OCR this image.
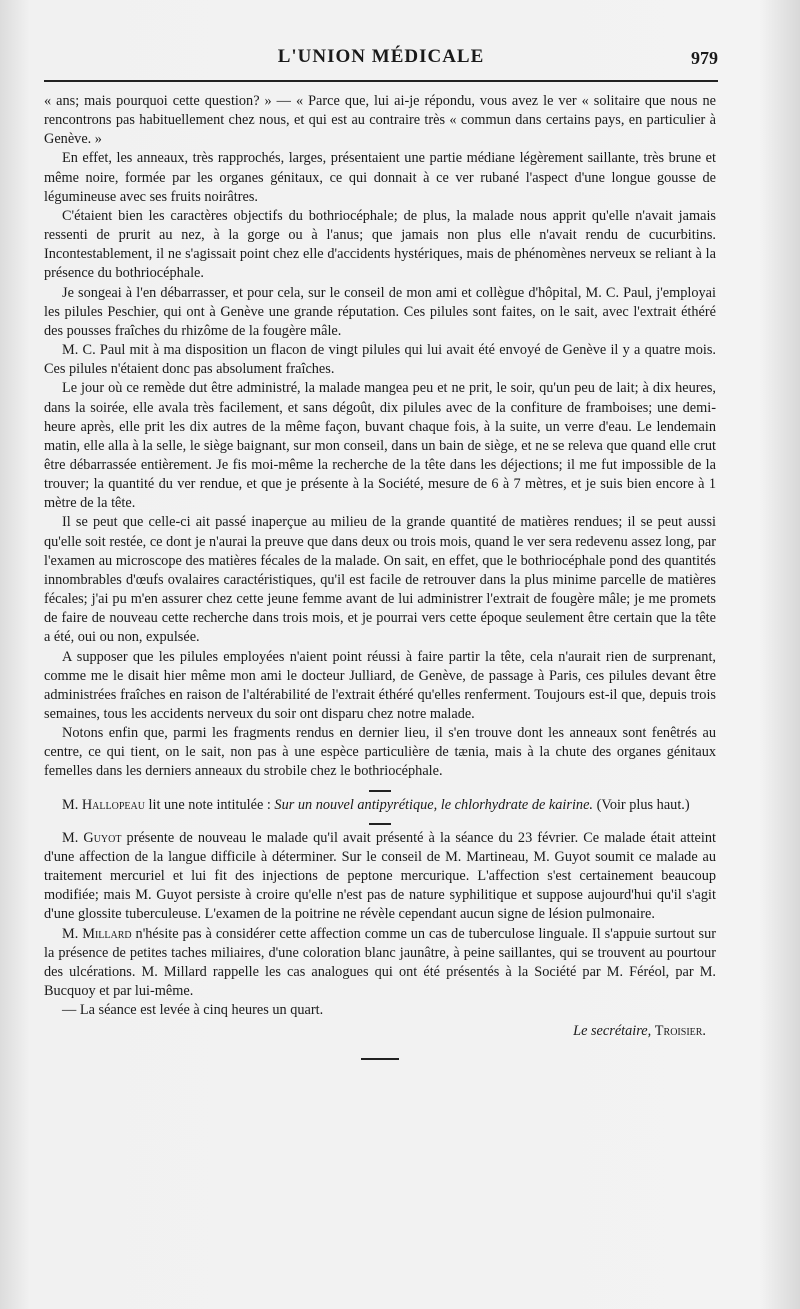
L'UNION MÉDICALE	979

« ans; mais pourquoi cette question? » — « Parce que, lui ai-je répondu, vous avez le ver « solitaire que nous ne rencontrons pas habituellement chez nous, et qui est au contraire très « commun dans certains pays, en particulier à Genève. »

En effet, les anneaux, très rapprochés, larges, présentaient une partie médiane légèrement saillante, très brune et même noire, formée par les organes génitaux, ce qui donnait à ce ver rubané l'aspect d'une longue gousse de légumineuse avec ses fruits noirâtres.

C'étaient bien les caractères objectifs du bothriocéphale; de plus, la malade nous apprit qu'elle n'avait jamais ressenti de prurit au nez, à la gorge ou à l'anus; que jamais non plus elle n'avait rendu de cucurbitins. Incontestablement, il ne s'agissait point chez elle d'accidents hystériques, mais de phénomènes nerveux se reliant à la présence du bothriocéphale.

Je songeai à l'en débarrasser, et pour cela, sur le conseil de mon ami et collègue d'hôpital, M. C. Paul, j'employai les pilules Peschier, qui ont à Genève une grande réputation. Ces pilules sont faites, on le sait, avec l'extrait éthéré des pousses fraîches du rhizôme de la fougère mâle.

M. C. Paul mit à ma disposition un flacon de vingt pilules qui lui avait été envoyé de Genève il y a quatre mois. Ces pilules n'étaient donc pas absolument fraîches.

Le jour où ce remède dut être administré, la malade mangea peu et ne prit, le soir, qu'un peu de lait; à dix heures, dans la soirée, elle avala très facilement, et sans dégoût, dix pilules avec de la confiture de framboises; une demi-heure après, elle prit les dix autres de la même façon, buvant chaque fois, à la suite, un verre d'eau. Le lendemain matin, elle alla à la selle, le siège baignant, sur mon conseil, dans un bain de siège, et ne se releva que quand elle crut être débarrassée entièrement. Je fis moi-même la recherche de la tête dans les déjections; il me fut impossible de la trouver; la quantité du ver rendue, et que je présente à la Société, mesure de 6 à 7 mètres, et je suis bien encore à 1 mètre de la tête.

Il se peut que celle-ci ait passé inaperçue au milieu de la grande quantité de matières rendues; il se peut aussi qu'elle soit restée, ce dont je n'aurai la preuve que dans deux ou trois mois, quand le ver sera redevenu assez long, par l'examen au microscope des matières fécales de la malade. On sait, en effet, que le bothriocéphale pond des quantités innombrables d'œufs ovalaires caractéristiques, qu'il est facile de retrouver dans la plus minime parcelle de matières fécales; j'ai pu m'en assurer chez cette jeune femme avant de lui administrer l'extrait de fougère mâle; je me promets de faire de nouveau cette recherche dans trois mois, et je pourrai vers cette époque seulement être certain que la tête a été, oui ou non, expulsée.

A supposer que les pilules employées n'aient point réussi à faire partir la tête, cela n'aurait rien de surprenant, comme me le disait hier même mon ami le docteur Julliard, de Genève, de passage à Paris, ces pilules devant être administrées fraîches en raison de l'altérabilité de l'extrait éthéré qu'elles renferment. Toujours est-il que, depuis trois semaines, tous les accidents nerveux du soir ont disparu chez notre malade.

Notons enfin que, parmi les fragments rendus en dernier lieu, il s'en trouve dont les anneaux sont fenêtrés au centre, ce qui tient, on le sait, non pas à une espèce particulière de tænia, mais à la chute des organes génitaux femelles dans les derniers anneaux du strobile chez le bothriocéphale.

M. Hallopeau lit une note intitulée : Sur un nouvel antipyrétique, le chlorhydrate de kairine. (Voir plus haut.)

M. Guyot présente de nouveau le malade qu'il avait présenté à la séance du 23 février. Ce malade était atteint d'une affection de la langue difficile à déterminer. Sur le conseil de M. Martineau, M. Guyot soumit ce malade au traitement mercuriel et lui fit des injections de peptone mercurique. L'affection s'est certainement beaucoup modifiée; mais M. Guyot persiste à croire qu'elle n'est pas de nature syphilitique et suppose aujourd'hui qu'il s'agit d'une glossite tuberculeuse. L'examen de la poitrine ne révèle cependant aucun signe de lésion pulmonaire.

M. Millard n'hésite pas à considérer cette affection comme un cas de tuberculose linguale. Il s'appuie surtout sur la présence de petites taches miliaires, d'une coloration blanc jaunâtre, à peine saillantes, qui se trouvent au pourtour des ulcérations. M. Millard rappelle les cas analogues qui ont été présentés à la Société par M. Féréol, par M. Bucquoy et par lui-même.

— La séance est levée à cinq heures un quart.

Le secrétaire, Troisier.
